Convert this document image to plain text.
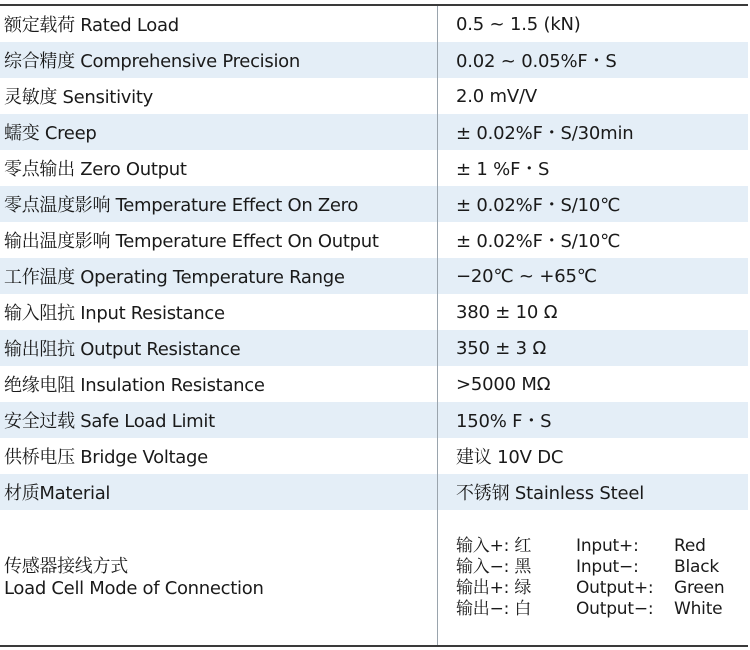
额定载荷 Rated Load	0.5 ~ 1.5 (kN)
综合精度 Comprehensive Precision	0.02 ~ 0.05%F・S
灵敏度 Sensitivity	2.0 mV/V
蠕变 Creep	± 0.02%F・S/30min
零点输出 Zero Output	± 1 %F・S
零点温度影响 Temperature Effect On Zero	± 0.02%F・S/10℃
输出温度影响 Temperature Effect On Output	± 0.02%F・S/10℃
工作温度 Operating Temperature Range	−20℃ ~ +65℃
输入阻抗 Input Resistance	380 ± 10 Ω
输出阻抗 Output Resistance	350 ± 3 Ω
绝缘电阻 Insulation Resistance	>5000 MΩ
安全过载 Safe Load Limit	150% F・S
供桥电压 Bridge Voltage	建议 10V DC
材质Material	不锈钢 Stainless Steel
传感器接线方式
Load Cell Mode of Connection
输入+: 红	Input+:	Red
输入−: 黑	Input−:	Black
输出+: 绿	Output+:	Green
输出−: 白	Output−:	White
